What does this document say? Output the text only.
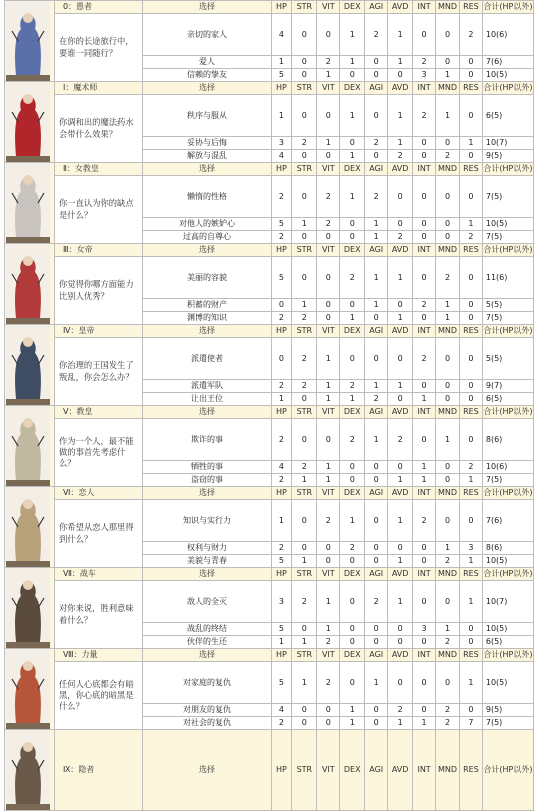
	0：愚者	选择	HP	STR	VIT	DEX	AGI	AVD	INT	MND	RES	合计(HP以外)
	在你的长途旅行中，要谁一同随行？	亲切的家人	4	0	0	1	2	1	0	0	2	10(6)
		爱人	1	0	2	1	0	1	2	0	0	7(6)
		信赖的挚友	5	0	1	0	0	0	3	1	0	10(5)

	Ⅰ：魔术师	选择	HP	STR	VIT	DEX	AGI	AVD	INT	MND	RES	合计(HP以外)
	你调和出的魔法药水会带什么效果？	秩序与服从	1	0	0	1	0	1	2	1	0	6(5)
		妥协与后悔	3	2	1	0	2	1	0	0	1	10(7)
		解放与混乱	4	0	0	1	0	2	0	2	0	9(5)

	Ⅱ：女教皇	选择	HP	STR	VIT	DEX	AGI	AVD	INT	MND	RES	合计(HP以外)
	你一直认为你的缺点是什么？	懒惰的性格	2	0	2	1	2	0	0	0	0	7(5)
		对他人的嫉妒心	5	1	2	0	1	0	0	0	1	10(5)
		过高的自尊心	2	0	0	0	1	2	0	0	2	7(5)

	Ⅲ：女帝	选择	HP	STR	VIT	DEX	AGI	AVD	INT	MND	RES	合计(HP以外)
	你觉得你哪方面能力比别人优秀？	美丽的容貌	5	0	0	2	1	1	0	2	0	11(6)
		积蓄的财产	0	1	0	0	1	0	2	1	0	5(5)
		渊博的知识	2	2	0	1	0	1	0	1	0	7(5)

	Ⅳ：皇帝	选择	HP	STR	VIT	DEX	AGI	AVD	INT	MND	RES	合计(HP以外)
	你治理的王国发生了叛乱，你会怎么办？	派遣使者	0	2	1	0	0	0	2	0	0	5(5)
		派遣军队	2	2	1	2	1	1	0	0	0	9(7)
		让出王位	1	0	1	1	2	0	1	0	0	6(5)

	Ⅴ：教皇	选择	HP	STR	VIT	DEX	AGI	AVD	INT	MND	RES	合计(HP以外)
	作为一个人，最不能做的事首先考虑什么？	欺诈的事	2	0	0	2	1	2	0	1	0	8(6)
		牺牲的事	4	2	1	0	0	0	1	0	2	10(6)
		盗窃的事	2	1	1	0	0	1	1	0	1	7(5)

	Ⅵ：恋人	选择	HP	STR	VIT	DEX	AGI	AVD	INT	MND	RES	合计(HP以外)
	你希望从恋人那里得到什么？	知识与实行力	1	0	2	1	0	1	2	0	0	7(6)
		权利与财力	2	0	0	2	0	0	0	1	3	8(6)
		美貌与青春	5	1	0	0	0	1	0	2	1	10(5)

	Ⅶ：战车	选择	HP	STR	VIT	DEX	AGI	AVD	INT	MND	RES	合计(HP以外)
	对你来说，胜利意味着什么？	敌人的全灭	3	2	1	0	2	1	0	0	1	10(7)
		战乱的终结	5	0	1	0	0	0	3	1	0	10(5)
		伙伴的生还	1	1	2	0	0	0	0	2	0	6(5)

	Ⅷ：力量	选择	HP	STR	VIT	DEX	AGI	AVD	INT	MND	RES	合计(HP以外)
	任何人心底都会有暗黑，你心底的暗黑是什么？	对家庭的复仇	5	1	2	0	1	0	0	0	1	10(5)
		对朋友的复仇	4	0	0	1	0	2	0	2	0	9(5)
		对社会的复仇	2	0	0	1	0	1	1	2	7	7(5)

	Ⅸ：隐者	选择	HP	STR	VIT	DEX	AGI	AVD	INT	MND	RES	合计(HP以外)
